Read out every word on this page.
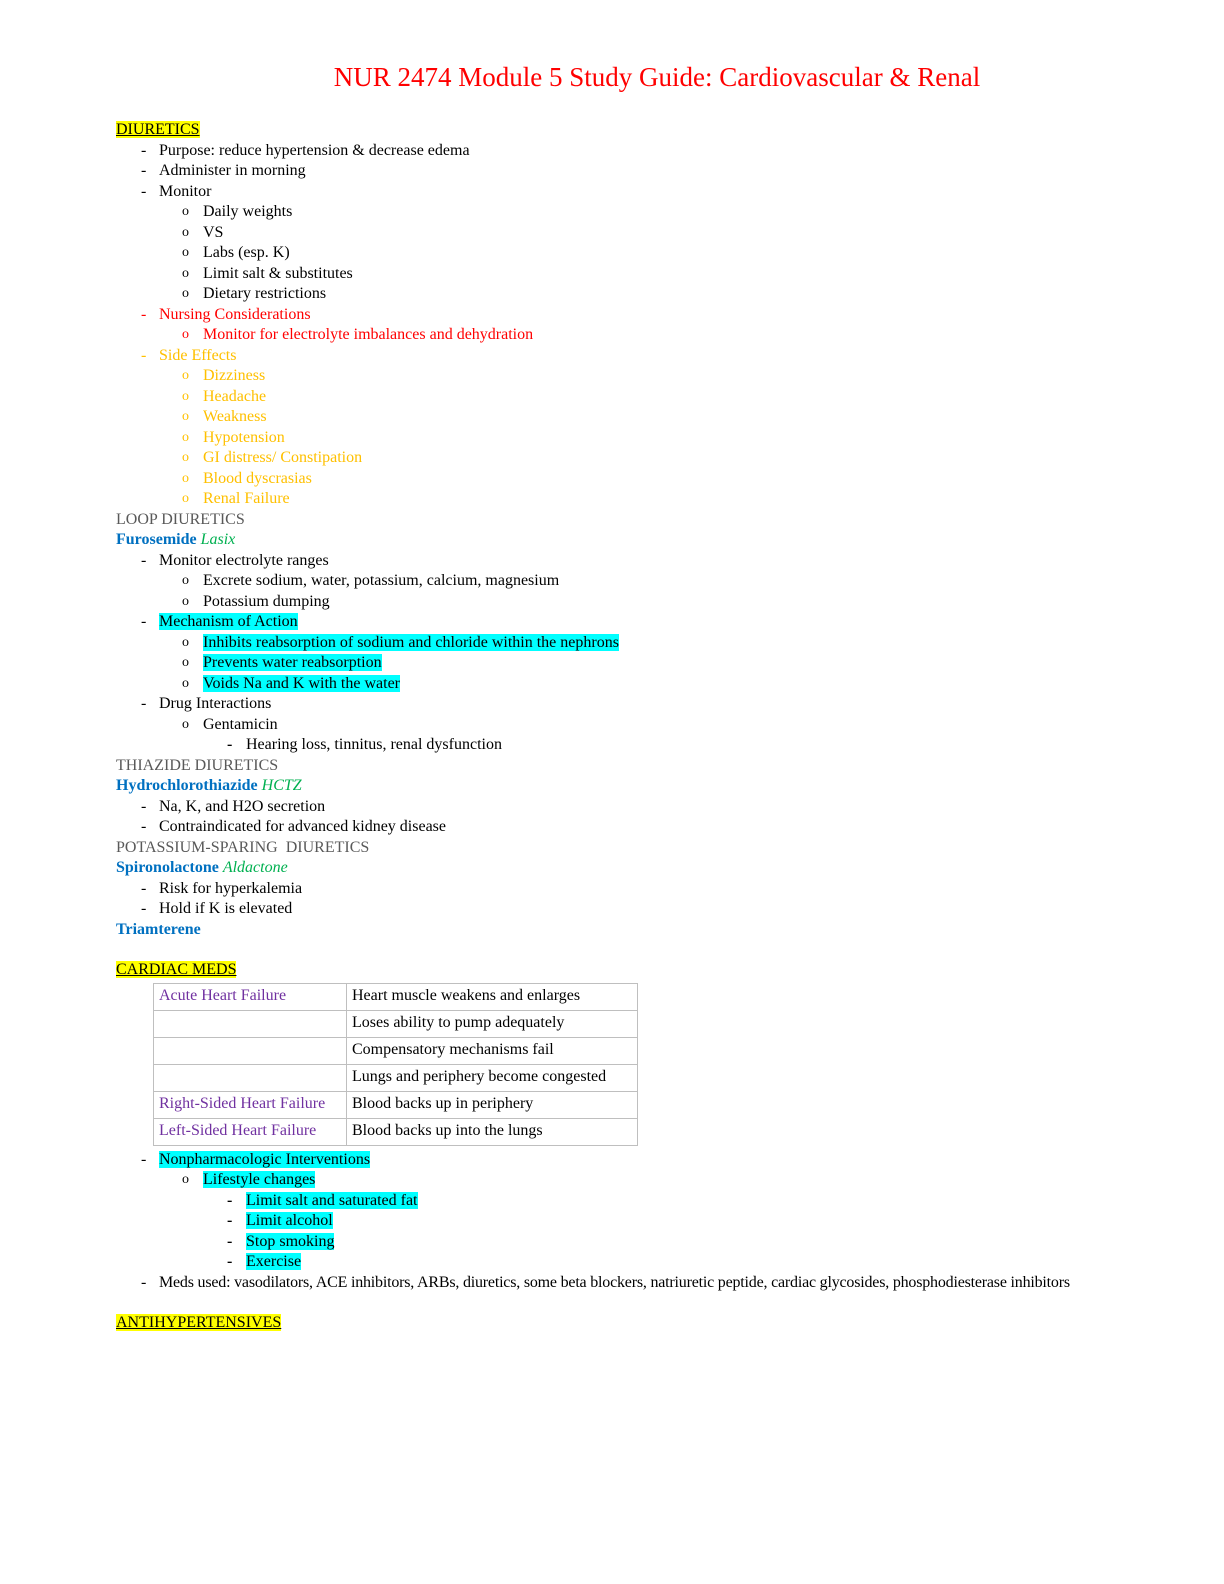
NUR 2474 Module 5 Study Guide: Cardiovascular & Renal
DIURETICS
- Purpose: reduce hypertension & decrease edema
- Administer in morning
- Monitor
o Daily weights
o VS
o Labs (esp. K)
o Limit salt & substitutes
o Dietary restrictions
- Nursing Considerations
o Monitor for electrolyte imbalances and dehydration
- Side Effects
o Dizziness
o Headache
o Weakness
o Hypotension
o GI distress/ Constipation
o Blood dyscrasias
o Renal Failure
LOOP DIURETICS
Furosemide Lasix
- Monitor electrolyte ranges
o Excrete sodium, water, potassium, calcium, magnesium
o Potassium dumping
- Mechanism of Action
o Inhibits reabsorption of sodium and chloride within the nephrons
o Prevents water reabsorption
o Voids Na and K with the water
- Drug Interactions
o Gentamicin
- Hearing loss, tinnitus, renal dysfunction
THIAZIDE DIURETICS
Hydrochlorothiazide HCTZ
- Na, K, and H2O secretion
- Contraindicated for advanced kidney disease
POTASSIUM-SPARING  DIURETICS
Spironolactone Aldactone
- Risk for hyperkalemia
- Hold if K is elevated
Triamterene
CARDIAC MEDS
Acute Heart Failure	Heart muscle weakens and enlarges
	Loses ability to pump adequately
	Compensatory mechanisms fail
	Lungs and periphery become congested
Right-Sided Heart Failure	Blood backs up in periphery
Left-Sided Heart Failure	Blood backs up into the lungs
- Nonpharmacologic Interventions
o Lifestyle changes
- Limit salt and saturated fat
- Limit alcohol
- Stop smoking
- Exercise
- Meds used: vasodilators, ACE inhibitors, ARBs, diuretics, some beta blockers, natriuretic peptide, cardiac glycosides, phosphodiesterase inhibitors
ANTIHYPERTENSIVES
